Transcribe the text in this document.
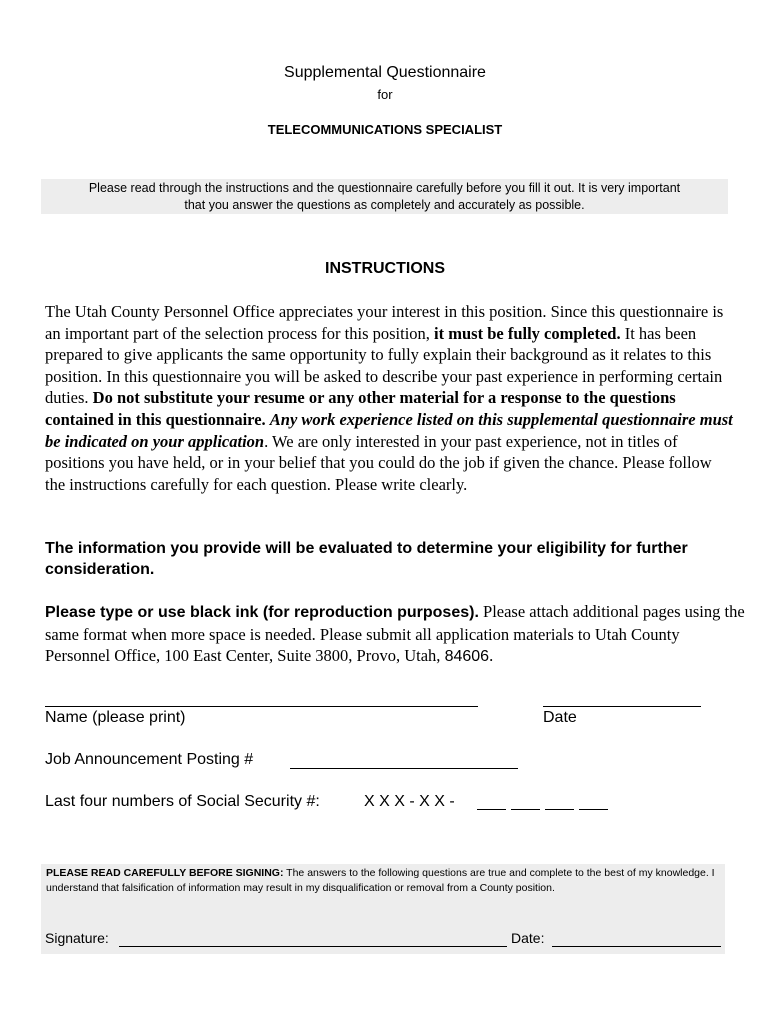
Supplemental Questionnaire
for
TELECOMMUNICATIONS SPECIALIST
Please read through the instructions and the questionnaire carefully before you fill it out. It is very important
that you answer the questions as completely and accurately as possible.
INSTRUCTIONS
The Utah County Personnel Office appreciates your interest in this position. Since this questionnaire is an important part of the selection process for this position, it must be fully completed. It has been prepared to give applicants the same opportunity to fully explain their background as it relates to this position. In this questionnaire you will be asked to describe your past experience in performing certain duties. Do not substitute your resume or any other material for a response to the questions contained in this questionnaire. Any work experience listed on this supplemental questionnaire must be indicated on your application. We are only interested in your past experience, not in titles of positions you have held, or in your belief that you could do the job if given the chance. Please follow the instructions carefully for each question. Please write clearly.
The information you provide will be evaluated to determine your eligibility for further consideration.
Please type or use black ink (for reproduction purposes). Please attach additional pages using the same format when more space is needed. Please submit all application materials to Utah County Personnel Office, 100 East Center, Suite 3800, Provo, Utah, 84606.
Name (please print)	Date
Job Announcement Posting #
Last four numbers of Social Security #:	X X X - X X -
PLEASE READ CAREFULLY BEFORE SIGNING: The answers to the following questions are true and complete to the best of my knowledge. I understand that falsification of information may result in my disqualification or removal from a County position.
Signature:	Date:
